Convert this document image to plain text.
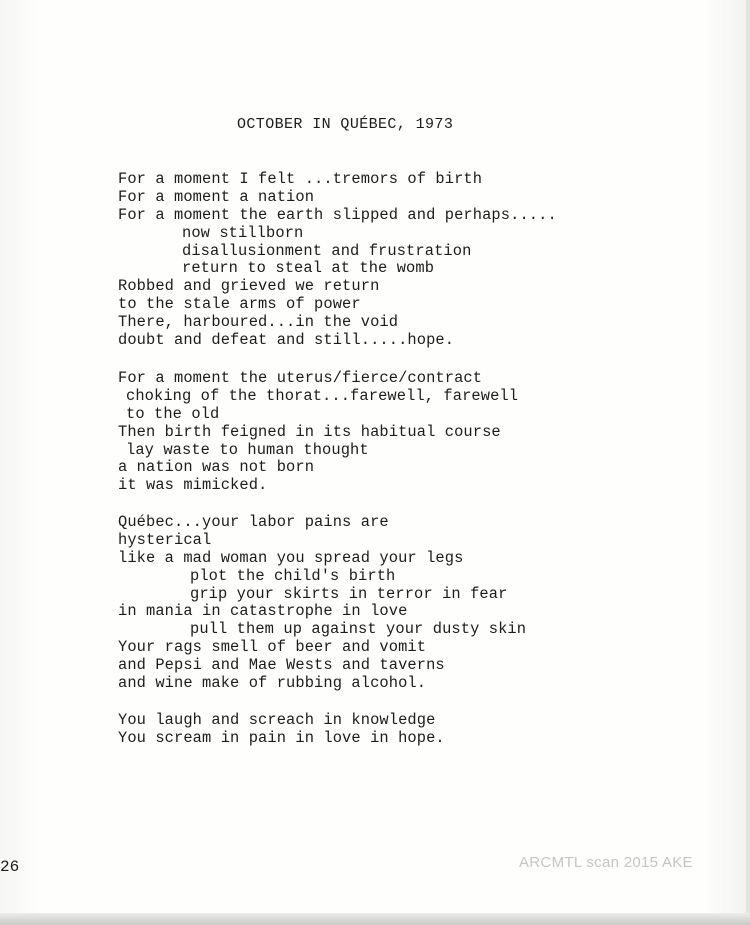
OCTOBER IN QUÉBEC, 1973
For a moment I felt ...tremors of birth
For a moment a nation
For a moment the earth slipped and perhaps.....
now stillborn
disallusionment and frustration
return to steal at the womb
Robbed and grieved we return
to the stale arms of power
There, harboured...in the void
doubt and defeat and still.....hope.
For a moment the uterus/fierce/contract
choking of the thorat...farewell, farewell
to the old
Then birth feigned in its habitual course
lay waste to human thought
a nation was not born
it was mimicked.
Québec...your labor pains are
hysterical
like a mad woman you spread your legs
plot the child's birth
grip your skirts in terror in fear
in mania in catastrophe in love
pull them up against your dusty skin
Your rags smell of beer and vomit
and Pepsi and Mae Wests and taverns
and wine make of rubbing alcohol.
You laugh and screach in knowledge
You scream in pain in love in hope.

26	ARCMTL scan 2015 AKE
